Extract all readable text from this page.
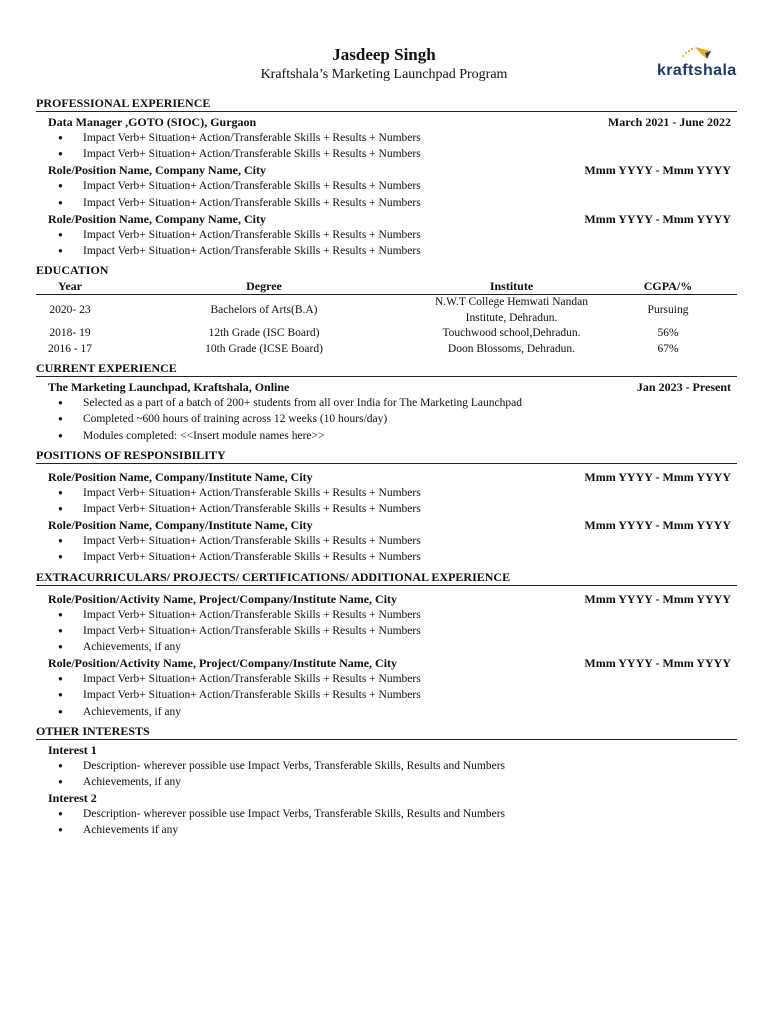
Jasdeep Singh
Kraftshala’s Marketing Launchpad Program	kraftshala
PROFESSIONAL EXPERIENCE
Data Manager ,GOTO (SIOC), Gurgaon	March 2021 - June 2022
● Impact Verb+ Situation+ Action/Transferable Skills + Results + Numbers
● Impact Verb+ Situation+ Action/Transferable Skills + Results + Numbers
Role/Position Name, Company Name, City	Mmm YYYY - Mmm YYYY
● Impact Verb+ Situation+ Action/Transferable Skills + Results + Numbers
● Impact Verb+ Situation+ Action/Transferable Skills + Results + Numbers
Role/Position Name, Company Name, City	Mmm YYYY - Mmm YYYY
● Impact Verb+ Situation+ Action/Transferable Skills + Results + Numbers
● Impact Verb+ Situation+ Action/Transferable Skills + Results + Numbers
EDUCATION
Year	Degree	Institute	CGPA/%
2020- 23	Bachelors of Arts(B.A)	N.W.T College Hemwati Nandan Institute, Dehradun.	Pursuing
2018- 19	12th Grade (ISC Board)	Touchwood school,Dehradun.	56%
2016 - 17	10th Grade (ICSE Board)	Doon Blossoms, Dehradun.	67%
CURRENT EXPERIENCE
The Marketing Launchpad, Kraftshala, Online	Jan 2023 - Present
● Selected as a part of a batch of 200+ students from all over India for The Marketing Launchpad
● Completed ~600 hours of training across 12 weeks (10 hours/day)
● Modules completed: <<Insert module names here>>
POSITIONS OF RESPONSIBILITY
Role/Position Name, Company/Institute Name, City	Mmm YYYY - Mmm YYYY
● Impact Verb+ Situation+ Action/Transferable Skills + Results + Numbers
● Impact Verb+ Situation+ Action/Transferable Skills + Results + Numbers
Role/Position Name, Company/Institute Name, City	Mmm YYYY - Mmm YYYY
● Impact Verb+ Situation+ Action/Transferable Skills + Results + Numbers
● Impact Verb+ Situation+ Action/Transferable Skills + Results + Numbers
EXTRACURRICULARS/ PROJECTS/ CERTIFICATIONS/ ADDITIONAL EXPERIENCE
Role/Position/Activity Name, Project/Company/Institute Name, City	Mmm YYYY - Mmm YYYY
● Impact Verb+ Situation+ Action/Transferable Skills + Results + Numbers
● Impact Verb+ Situation+ Action/Transferable Skills + Results + Numbers
● Achievements, if any
Role/Position/Activity Name, Project/Company/Institute Name, City	Mmm YYYY - Mmm YYYY
● Impact Verb+ Situation+ Action/Transferable Skills + Results + Numbers
● Impact Verb+ Situation+ Action/Transferable Skills + Results + Numbers
● Achievements, if any
OTHER INTERESTS
Interest 1
● Description- wherever possible use Impact Verbs, Transferable Skills, Results and Numbers
● Achievements, if any
Interest 2
● Description- wherever possible use Impact Verbs, Transferable Skills, Results and Numbers
● Achievements if any
